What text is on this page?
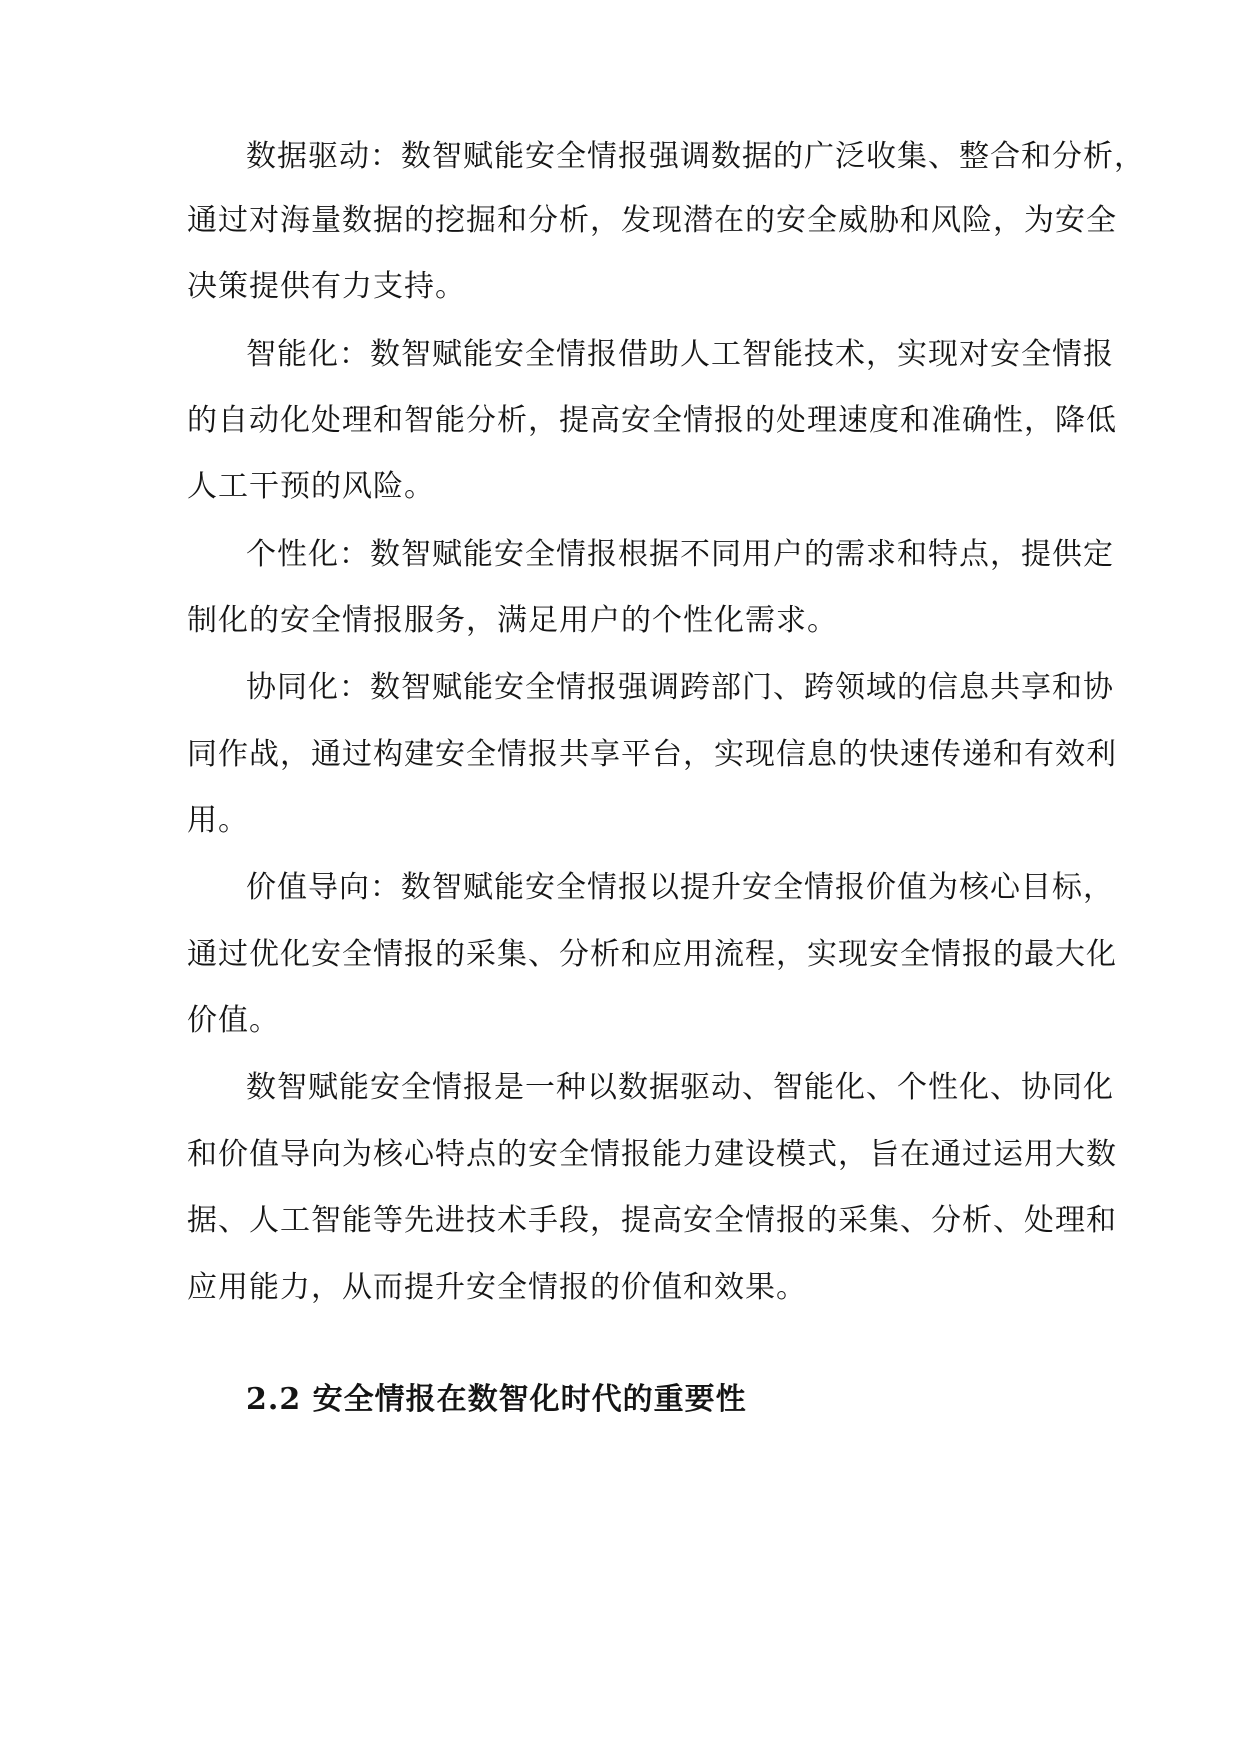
数据驱动：数智赋能安全情报强调数据的广泛收集、整合和分析，
通过对海量数据的挖掘和分析，发现潜在的安全威胁和风险，为安全
决策提供有力支持。
智能化：数智赋能安全情报借助人工智能技术，实现对安全情报
的自动化处理和智能分析，提高安全情报的处理速度和准确性，降低
人工干预的风险。
个性化：数智赋能安全情报根据不同用户的需求和特点，提供定
制化的安全情报服务，满足用户的个性化需求。
协同化：数智赋能安全情报强调跨部门、跨领域的信息共享和协
同作战，通过构建安全情报共享平台，实现信息的快速传递和有效利
用。
价值导向：数智赋能安全情报以提升安全情报价值为核心目标，
通过优化安全情报的采集、分析和应用流程，实现安全情报的最大化
价值。
数智赋能安全情报是一种以数据驱动、智能化、个性化、协同化
和价值导向为核心特点的安全情报能力建设模式，旨在通过运用大数
据、人工智能等先进技术手段，提高安全情报的采集、分析、处理和
应用能力，从而提升安全情报的价值和效果。
2.2 安全情报在数智化时代的重要性
